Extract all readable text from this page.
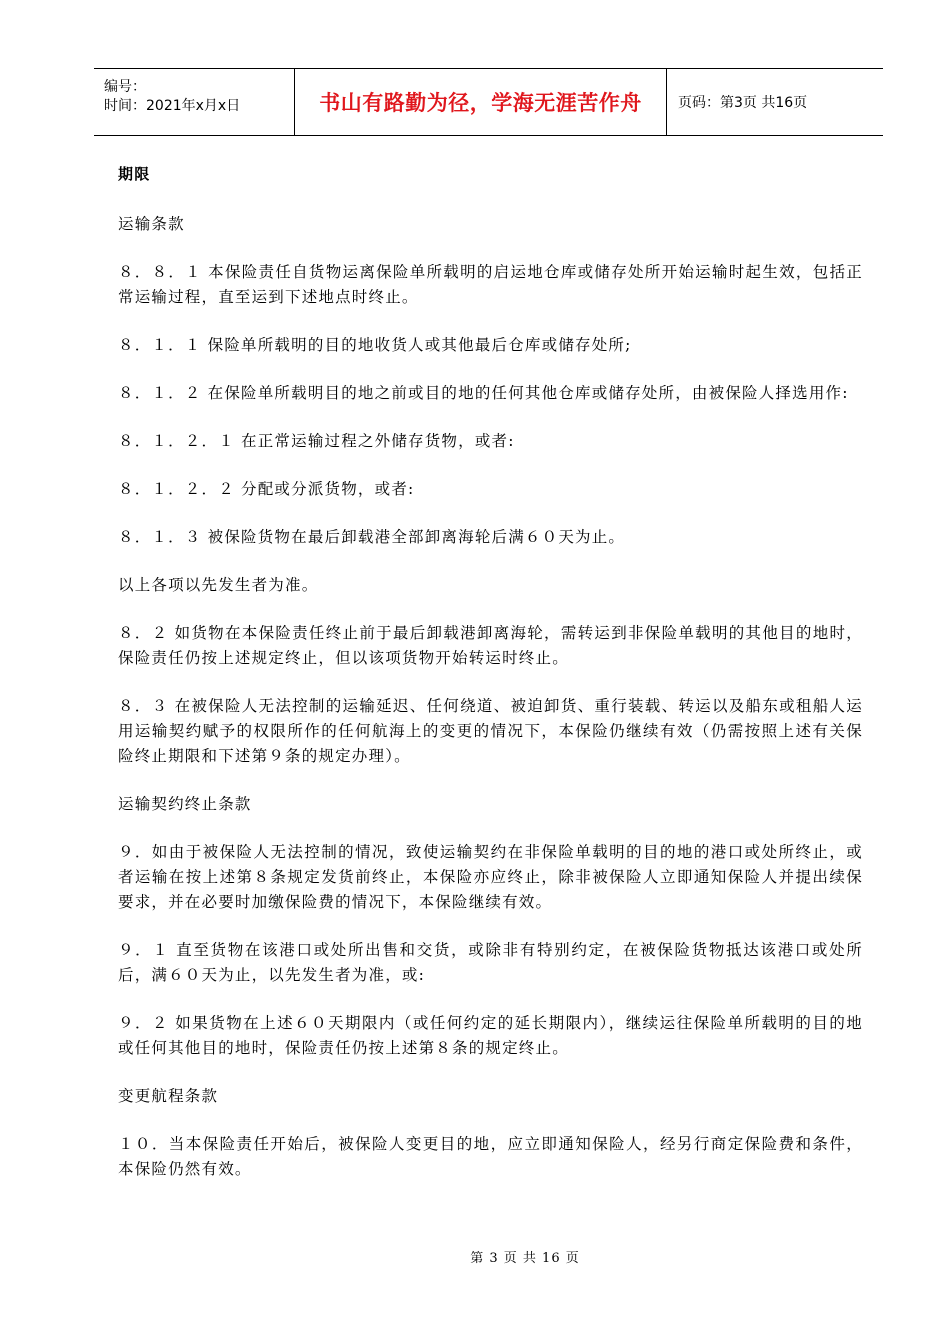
编号：
时间：2021年x月x日	书山有路勤为径，学海无涯苦作舟	页码：第3页 共16页

期限

运输条款

８．８．１ 本保险责任自货物运离保险单所载明的启运地仓库或储存处所开始运输时起生效，包括正常运输过程，直至运到下述地点时终止。

８．１．１ 保险单所载明的目的地收货人或其他最后仓库或储存处所;

８．１．２ 在保险单所载明目的地之前或目的地的任何其他仓库或储存处所，由被保险人择选用作:

８．１．２．１ 在正常运输过程之外储存货物，或者:

８．１．２．２ 分配或分派货物，或者:

８．１．３ 被保险货物在最后卸载港全部卸离海轮后满６０天为止。

以上各项以先发生者为准。

８．２ 如货物在本保险责任终止前于最后卸载港卸离海轮，需转运到非保险单载明的其他目的地时，保险责任仍按上述规定终止，但以该项货物开始转运时终止。

８．３ 在被保险人无法控制的运输延迟、任何绕道、被迫卸货、重行装载、转运以及船东或租船人运用运输契约赋予的权限所作的任何航海上的变更的情况下，本保险仍继续有效（仍需按照上述有关保险终止期限和下述第９条的规定办理）。

运输契约终止条款

９．如由于被保险人无法控制的情况，致使运输契约在非保险单载明的目的地的港口或处所终止，或者运输在按上述第８条规定发货前终止，本保险亦应终止，除非被保险人立即通知保险人并提出续保要求，并在必要时加缴保险费的情况下，本保险继续有效。

９．１ 直至货物在该港口或处所出售和交货，或除非有特别约定，在被保险货物抵达该港口或处所后，满６０天为止，以先发生者为准，或:

９．２ 如果货物在上述６０天期限内（或任何约定的延长期限内），继续运往保险单所载明的目的地或任何其他目的地时，保险责任仍按上述第８条的规定终止。

变更航程条款

１０．当本保险责任开始后，被保险人变更目的地，应立即通知保险人，经另行商定保险费和条件，本保险仍然有效。

第 3 页 共 16 页
